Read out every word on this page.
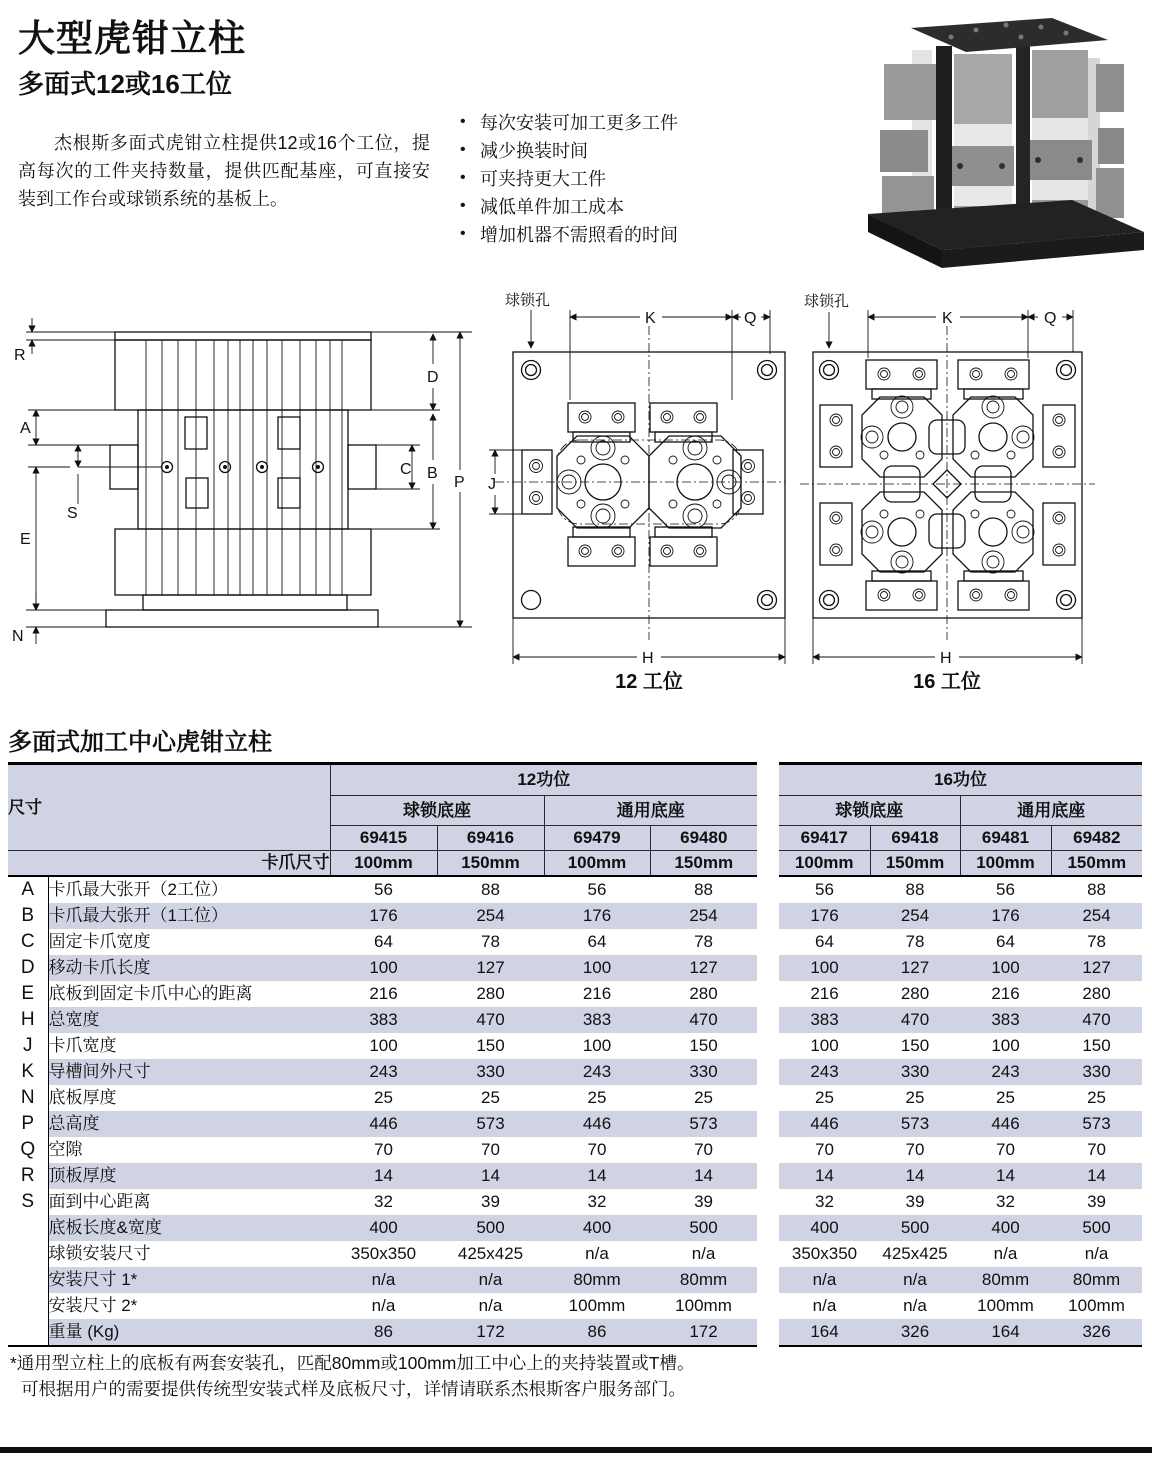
大型虎钳立柱
多面式12或16工位

杰根斯多面式虎钳立柱提供12或16个工位，提高每次的工件夹持数量，提供匹配基座，可直接安装到工作台或球锁系统的基板上。

• 每次安装可加工更多工件
• 减少换装时间
• 可夹持更大工件
• 减低单件加工成本
• 增加机器不需照看的时间	Jergens
R
A
S
E
N
D
C B
P
K	Q
J
H
球锁孔
12 工位
K	Q
H
球锁孔
16 工位
多面式加工中心虎钳立柱
尺寸		12功位			
		球锁底座		通用底座	
		69415	69416	69479	69480
卡爪尺寸		100mm	150mm	100mm	150mm
A	卡爪最大张开（2工位）	56	88	56	88
B	卡爪最大张开（1工位）	176	254	176	254
C	固定卡爪宽度	64	78	64	78
D	移动卡爪长度	100	127	100	127
E	底板到固定卡爪中心的距离	216	280	216	280
H	总宽度	383	470	383	470
J	卡爪宽度	100	150	100	150
K	导槽间外尺寸	243	330	243	330
N	底板厚度	25	25	25	25
P	总高度	446	573	446	573
Q	空隙	70	70	70	70
R	顶板厚度	14	14	14	14
S	面到中心距离	32	39	32	39
	底板长度&宽度	400	500	400	500
	球锁安装尺寸	350x350	425x425	n/a	n/a
	安装尺寸 1*	n/a	n/a	80mm	80mm
	安装尺寸 2*	n/a	n/a	100mm	100mm
	重量 (Kg)	86	172	86	172
16功位			
球锁底座		通用底座	
69417	69418	69481	69482
100mm	150mm	100mm	150mm
56	88	56	88
176	254	176	254
64	78	64	78
100	127	100	127
216	280	216	280
383	470	383	470
100	150	100	150
243	330	243	330
25	25	25	25
446	573	446	573
70	70	70	70
14	14	14	14
32	39	32	39
400	500	400	500
350x350	425x425	n/a	n/a
n/a	n/a	80mm	80mm
n/a	n/a	100mm	100mm
164	326	164	326
*通用型立柱上的底板有两套安装孔，匹配80mm或100mm加工中心上的夹持装置或T槽。
可根据用户的需要提供传统型安装式样及底板尺寸，详情请联系杰根斯客户服务部门。
